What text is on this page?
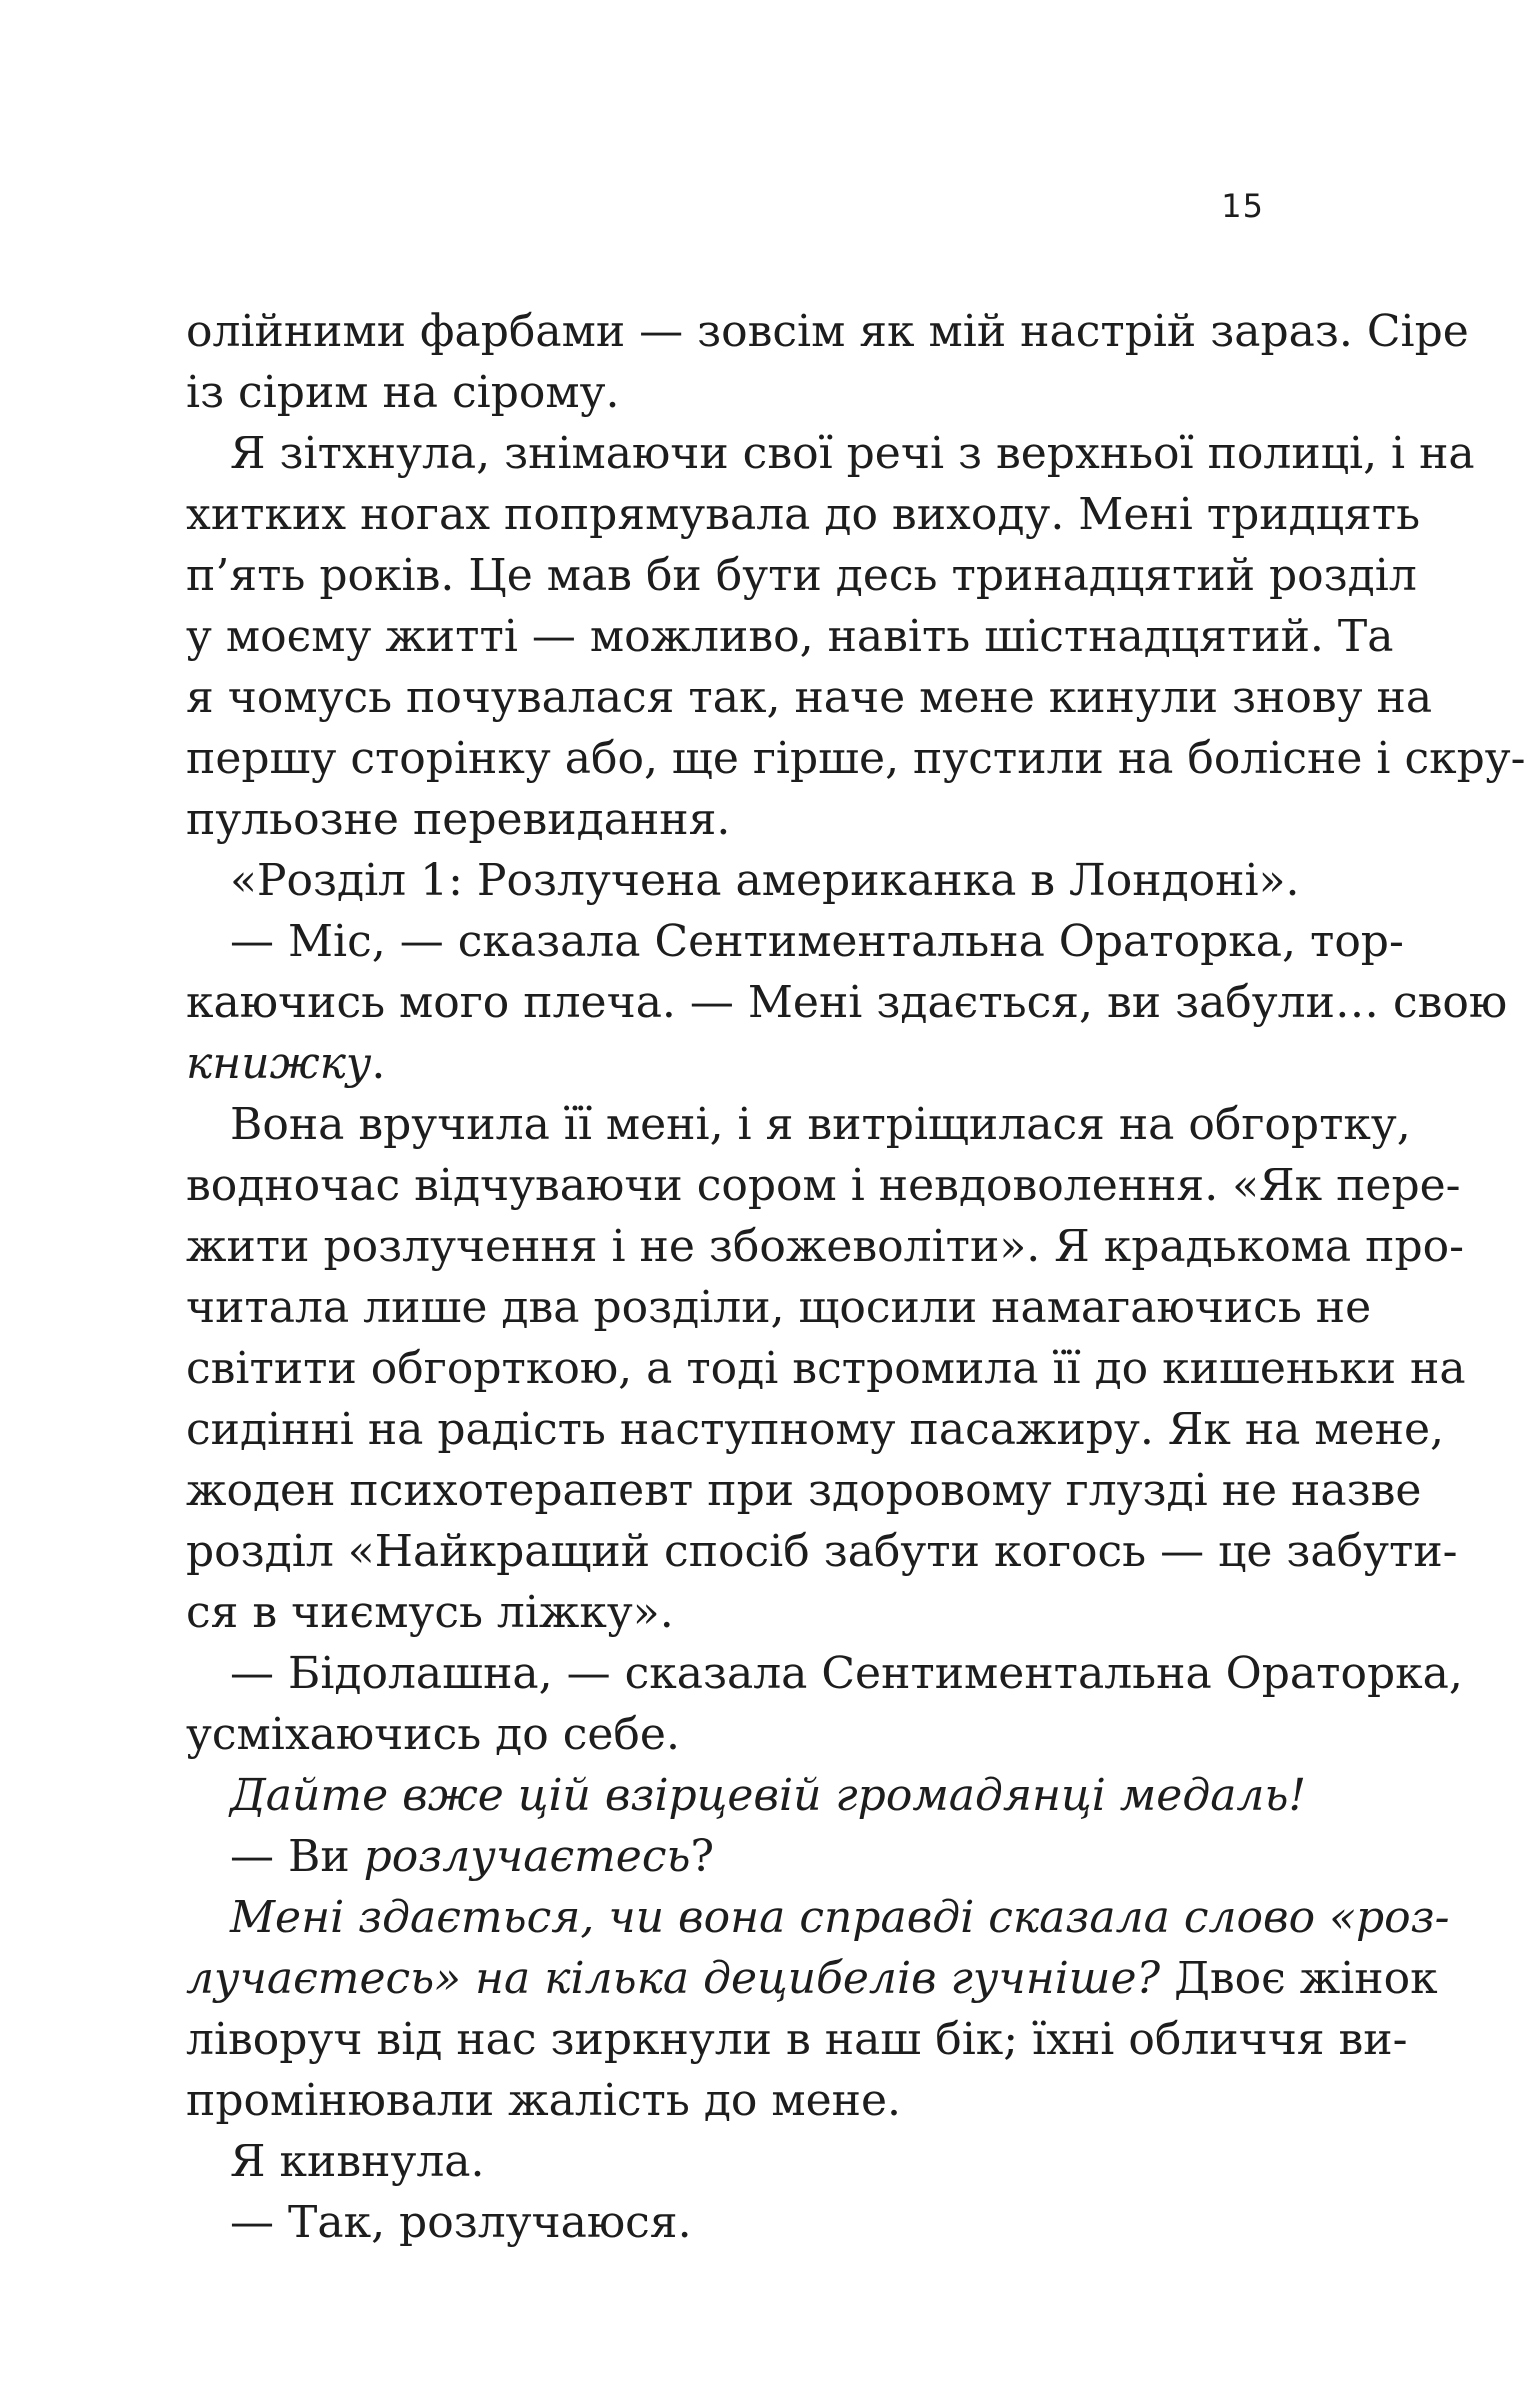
15
олійними фарбами — зовсім як мій настрій зараз. Сіре
із сірим на сірому.
Я зітхнула, знімаючи свої речі з верхньої полиці, і на
хитких ногах попрямувала до виходу. Мені тридцять
п’ять років. Це мав би бути десь тринадцятий розділ
у моєму житті — можливо, навіть шістнадцятий. Та
я чомусь почувалася так, наче мене кинули знову на
першу сторінку або, ще гірше, пустили на болісне і скру-
пульозне перевидання.
«Розділ 1: Розлучена американка в Лондоні».
— Міс, — сказала Сентиментальна Ораторка, тор-
каючись мого плеча. — Мені здається, ви забули… свою
книжку.
Вона вручила її мені, і я витріщилася на обгортку,
водночас відчуваючи сором і невдоволення. «Як пере-
жити розлучення і не збожеволіти». Я крадькома про-
читала лише два розділи, щосили намагаючись не
світити обгорткою, а тоді встромила її до кишеньки на
сидінні на радість наступному пасажиру. Як на мене,
жоден психотерапевт при здоровому глузді не назве
розділ «Найкращий спосіб забути когось — це забути-
ся в чиємусь ліжку».
— Бідолашна, — сказала Сентиментальна Ораторка,
усміхаючись до себе.
Дайте вже цій взірцевій громадянці медаль!
— Ви розлучаєтесь?
Мені здається, чи вона справді сказала слово «роз-
лучаєтесь» на кілька децибелів гучніше? Двоє жінок
ліворуч від нас зиркнули в наш бік; їхні обличчя ви-
промінювали жалість до мене.
Я кивнула.
— Так, розлучаюся.
